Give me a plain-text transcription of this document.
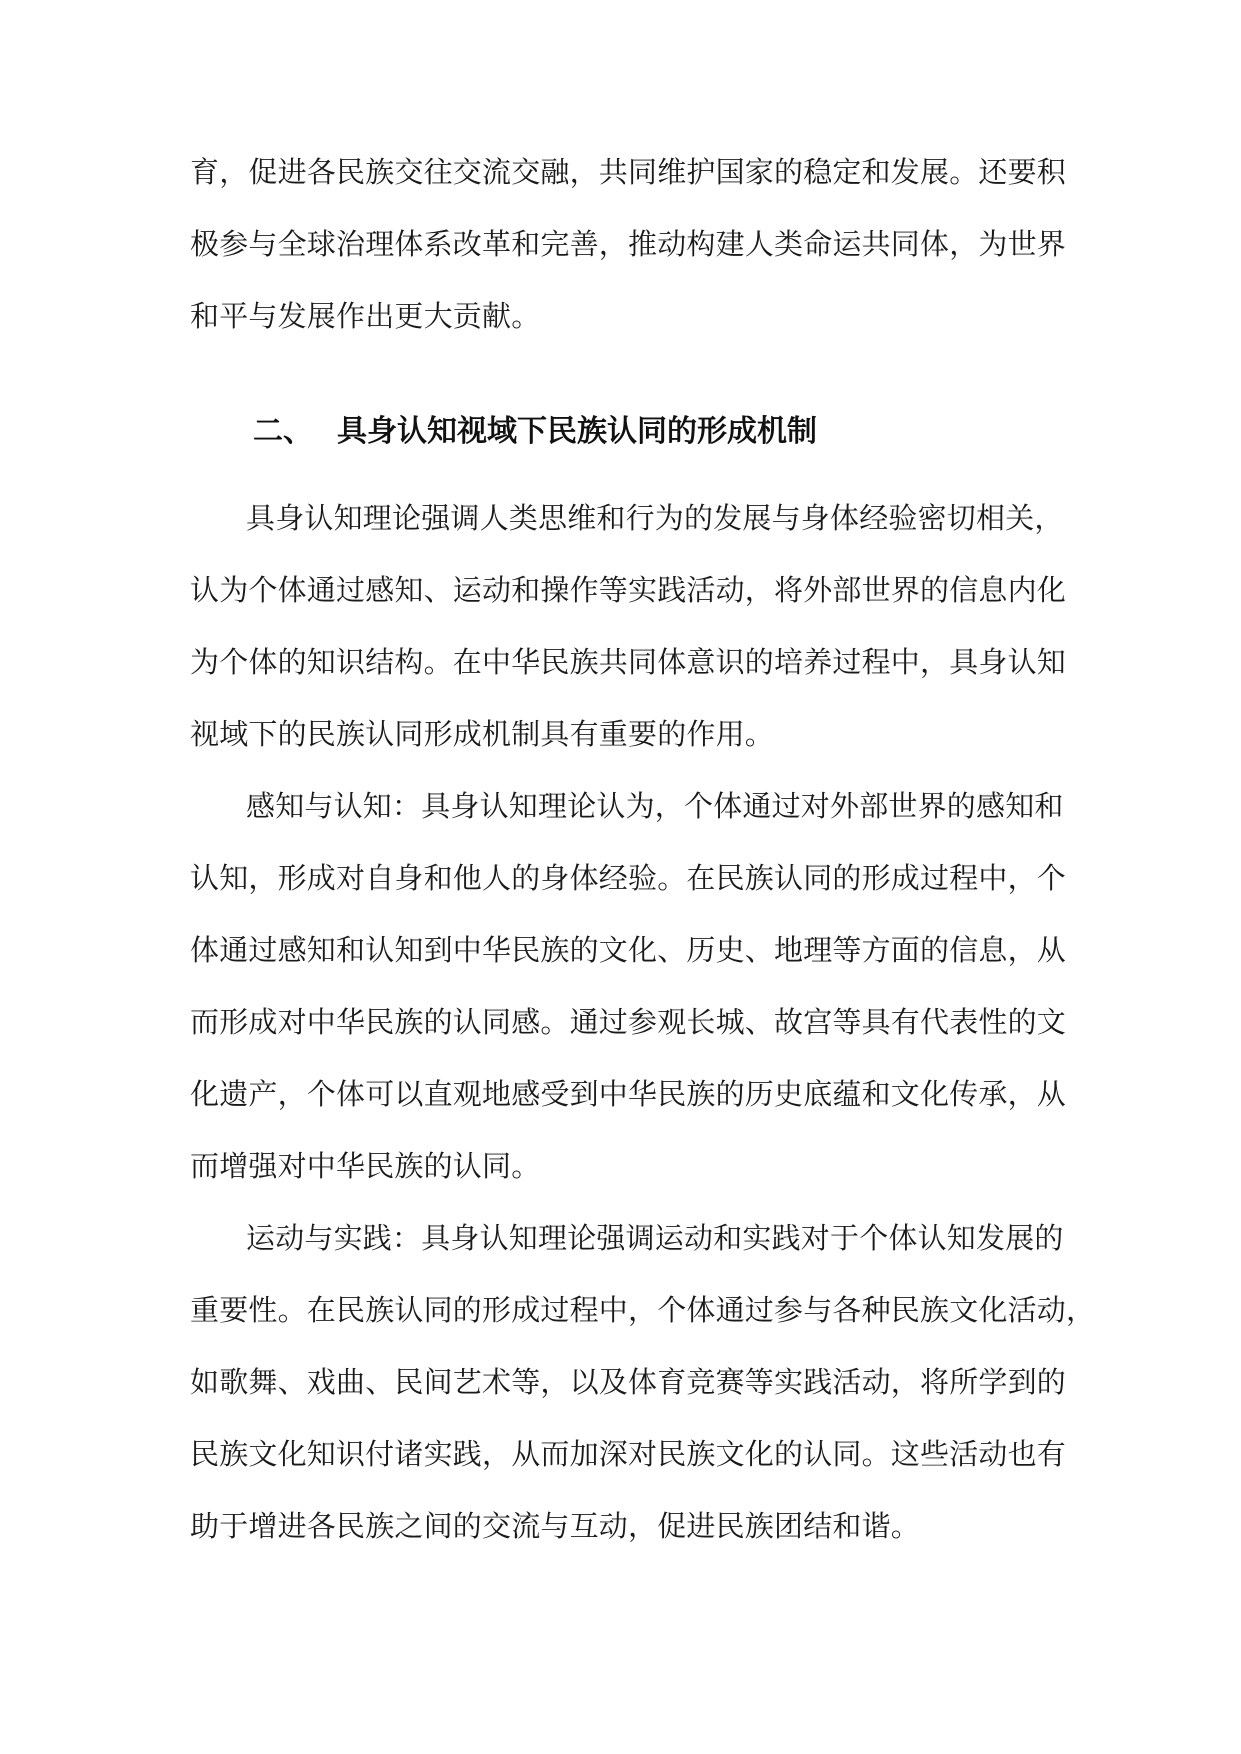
育，促进各民族交往交流交融，共同维护国家的稳定和发展。还要积
极参与全球治理体系改革和完善，推动构建人类命运共同体，为世界
和平与发展作出更大贡献。
二、 具身认知视域下民族认同的形成机制
具身认知理论强调人类思维和行为的发展与身体经验密切相关，
认为个体通过感知、运动和操作等实践活动，将外部世界的信息内化
为个体的知识结构。在中华民族共同体意识的培养过程中，具身认知
视域下的民族认同形成机制具有重要的作用。
感知与认知：具身认知理论认为，个体通过对外部世界的感知和
认知，形成对自身和他人的身体经验。在民族认同的形成过程中，个
体通过感知和认知到中华民族的文化、历史、地理等方面的信息，从
而形成对中华民族的认同感。通过参观长城、故宫等具有代表性的文
化遗产，个体可以直观地感受到中华民族的历史底蕴和文化传承，从
而增强对中华民族的认同。
运动与实践：具身认知理论强调运动和实践对于个体认知发展的
重要性。在民族认同的形成过程中，个体通过参与各种民族文化活动，
如歌舞、戏曲、民间艺术等，以及体育竞赛等实践活动，将所学到的
民族文化知识付诸实践，从而加深对民族文化的认同。这些活动也有
助于增进各民族之间的交流与互动，促进民族团结和谐。
